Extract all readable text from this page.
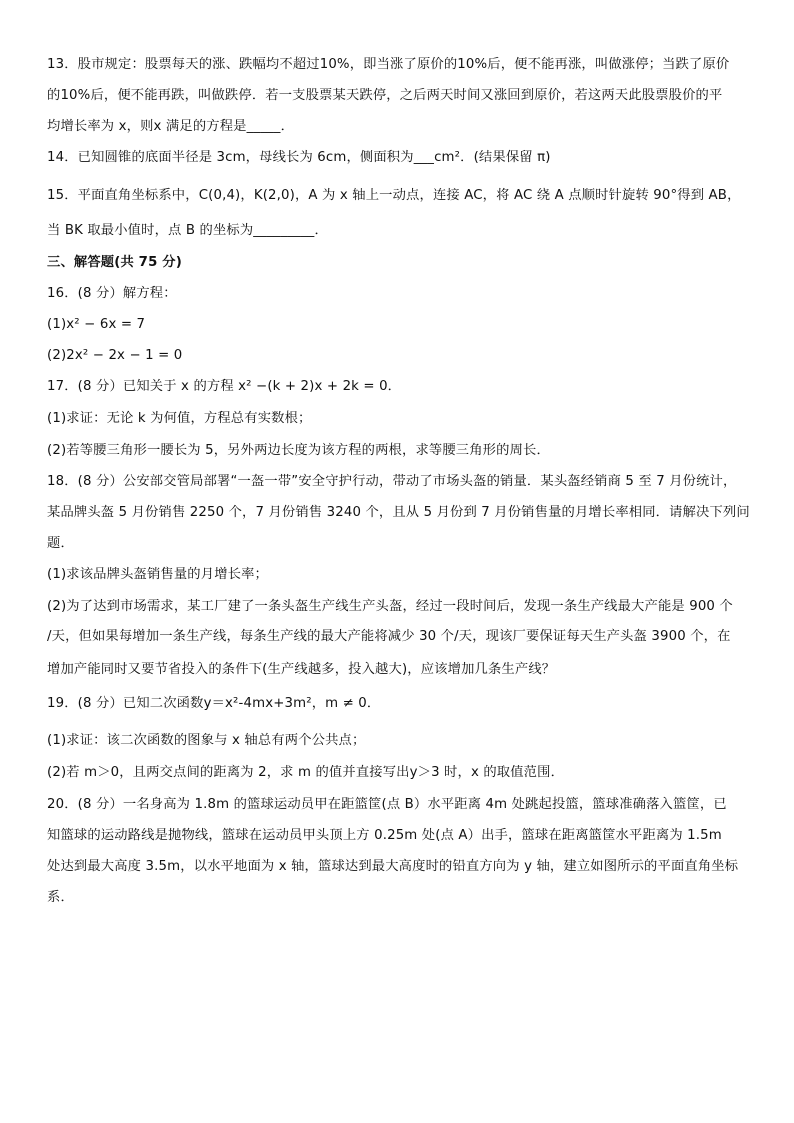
13．股市规定：股票每天的涨、跌幅均不超过10%，即当涨了原价的10%后，便不能再涨，叫做涨停；当跌了原价
的10%后，便不能再跌，叫做跌停．若一支股票某天跌停，之后两天时间又涨回到原价，若这两天此股票股价的平
均增长率为 x，则x 满足的方程是_____．
14．已知圆锥的底面半径是 3cm，母线长为 6cm，侧面积为___cm²．(结果保留 π)
15．平面直角坐标系中，C(0,4)，K(2,0)，A 为 x 轴上一动点，连接 AC，将 AC 绕 A 点顺时针旋转 90°得到 AB，
当 BK 取最小值时，点 B 的坐标为_________．
三、解答题(共 75 分)
16．(8 分）解方程：
(1)x² − 6x = 7
(2)2x² − 2x − 1 = 0
17．(8 分）已知关于 x 的方程 x² −(k + 2)x + 2k = 0．
(1)求证：无论 k 为何值，方程总有实数根；
(2)若等腰三角形一腰长为 5，另外两边长度为该方程的两根，求等腰三角形的周长．
18．(8 分）公安部交管局部署“一盔一带”安全守护行动，带动了市场头盔的销量．某头盔经销商 5 至 7 月份统计，
某品牌头盔 5 月份销售 2250 个，7 月份销售 3240 个，且从 5 月份到 7 月份销售量的月增长率相同．请解决下列问
题．
(1)求该品牌头盔销售量的月增长率；
(2)为了达到市场需求，某工厂建了一条头盔生产线生产头盔，经过一段时间后，发现一条生产线最大产能是 900 个
/天，但如果每增加一条生产线，每条生产线的最大产能将减少 30 个/天，现该厂要保证每天生产头盔 3900 个，在
增加产能同时又要节省投入的条件下(生产线越多，投入越大)，应该增加几条生产线？
19．(8 分）已知二次函数y＝x²-4mx+3m²，m ≠ 0．
(1)求证：该二次函数的图象与 x 轴总有两个公共点；
(2)若 m＞0，且两交点间的距离为 2，求 m 的值并直接写出y＞3 时，x 的取值范围．
20．(8 分）一名身高为 1.8m 的篮球运动员甲在距篮筐(点 B）水平距离 4m 处跳起投篮，篮球准确落入篮筐，已
知篮球的运动路线是抛物线，篮球在运动员甲头顶上方 0.25m 处(点 A）出手，篮球在距离篮筐水平距离为 1.5m
处达到最大高度 3.5m，以水平地面为 x 轴，篮球达到最大高度时的铅直方向为 y 轴，建立如图所示的平面直角坐标
系．
